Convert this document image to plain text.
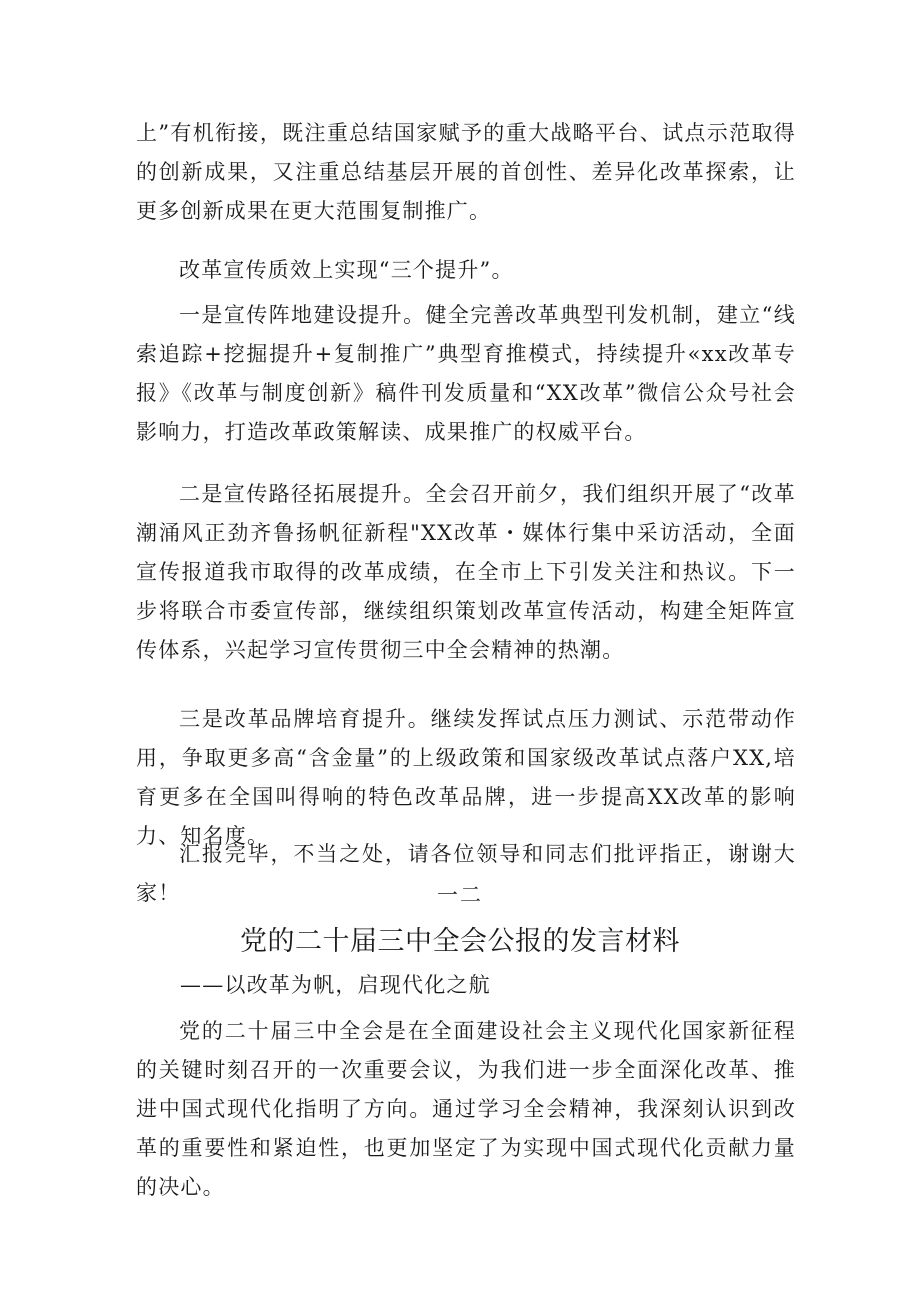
上”有机衔接，既注重总结国家赋予的重大战略平台、试点示范取得的创新成果，又注重总结基层开展的首创性、差异化改革探索，让更多创新成果在更大范围复制推广。

改革宣传质效上实现“三个提升”。

一是宣传阵地建设提升。健全完善改革典型刊发机制，建立“线索追踪+挖掘提升+复制推广”典型育推模式，持续提升«xx改革专报》《改革与制度创新》稿件刊发质量和“XX改革”微信公众号社会影响力，打造改革政策解读、成果推广的权威平台。

二是宣传路径拓展提升。全会召开前夕，我们组织开展了“改革潮涌风正劲齐鲁扬帆征新程"XX改革・媒体行集中采访活动，全面宣传报道我市取得的改革成绩，在全市上下引发关注和热议。下一步将联合市委宣传部，继续组织策划改革宣传活动，构建全矩阵宣传体系，兴起学习宣传贯彻三中全会精神的热潮。

三是改革品牌培育提升。继续发挥试点压力测试、示范带动作用，争取更多高“含金量”的上级政策和国家级改革试点落户XX,培育更多在全国叫得响的特色改革品牌，进一步提高XX改革的影响力、知名度。

汇报完毕，不当之处，请各位领导和同志们批评指正，谢谢大家！	一二
党的二十届三中全会公报的发言材料
——以改革为帆，启现代化之航

党的二十届三中全会是在全面建设社会主义现代化国家新征程的关键时刻召开的一次重要会议，为我们进一步全面深化改革、推进中国式现代化指明了方向。通过学习全会精神，我深刻认识到改革的重要性和紧迫性，也更加坚定了为实现中国式现代化贡献力量的决心。
